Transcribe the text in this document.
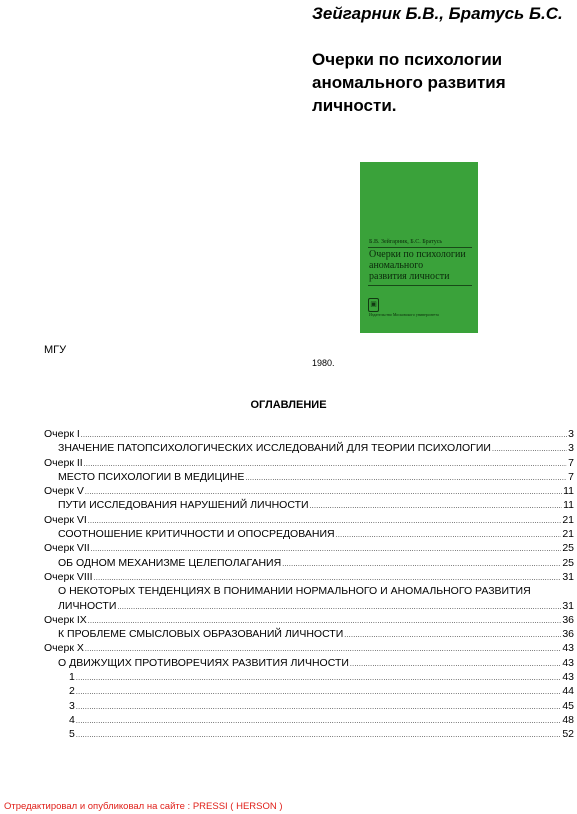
Зейгарник Б.В., Братусь Б.С.
Очерки по психологии
аномального развития
личности.
Б.В. Зейгарник, Б.С. Братусь
Очерки по психологии
аномального
развития личности
▣
Издательство Московского университета
МГУ
1980.
ОГЛАВЛЕНИЕ
Очерк I .....	3
ЗНАЧЕНИЕ ПАТОПСИХОЛОГИЧЕСКИХ ИССЛЕДОВАНИЙ ДЛЯ ТЕОРИИ ПСИХОЛОГИИ .....	3
Очерк II .....	7
МЕСТО ПСИХОЛОГИИ В МЕДИЦИНЕ .....	7
Очерк V .....	11
ПУТИ ИССЛЕДОВАНИЯ НАРУШЕНИЙ ЛИЧНОСТИ .....	11
Очерк VI .....	21
СООТНОШЕНИЕ КРИТИЧНОСТИ И ОПОСРЕДОВАНИЯ .....	21
Очерк VII .....	25
ОБ ОДНОМ МЕХАНИЗМЕ ЦЕЛЕПОЛАГАНИЯ .....	25
Очерк VIII .....	31
О НЕКОТОРЫХ ТЕНДЕНЦИЯХ В ПОНИМАНИИ НОРМАЛЬНОГО И АНОМАЛЬНОГО РАЗВИТИЯ
ЛИЧНОСТИ .....	31
Очерк IX .....	36
К ПРОБЛЕМЕ СМЫСЛОВЫХ ОБРАЗОВАНИЙ ЛИЧНОСТИ .....	36
Очерк X .....	43
О ДВИЖУЩИХ ПРОТИВОРЕЧИЯХ РАЗВИТИЯ ЛИЧНОСТИ .....	43
1 .....	43
2 .....	44
3 .....	45
4 .....	48
5 .....	52
Отредактировал и опубликовал на сайте : PRESSI ( HERSON )
